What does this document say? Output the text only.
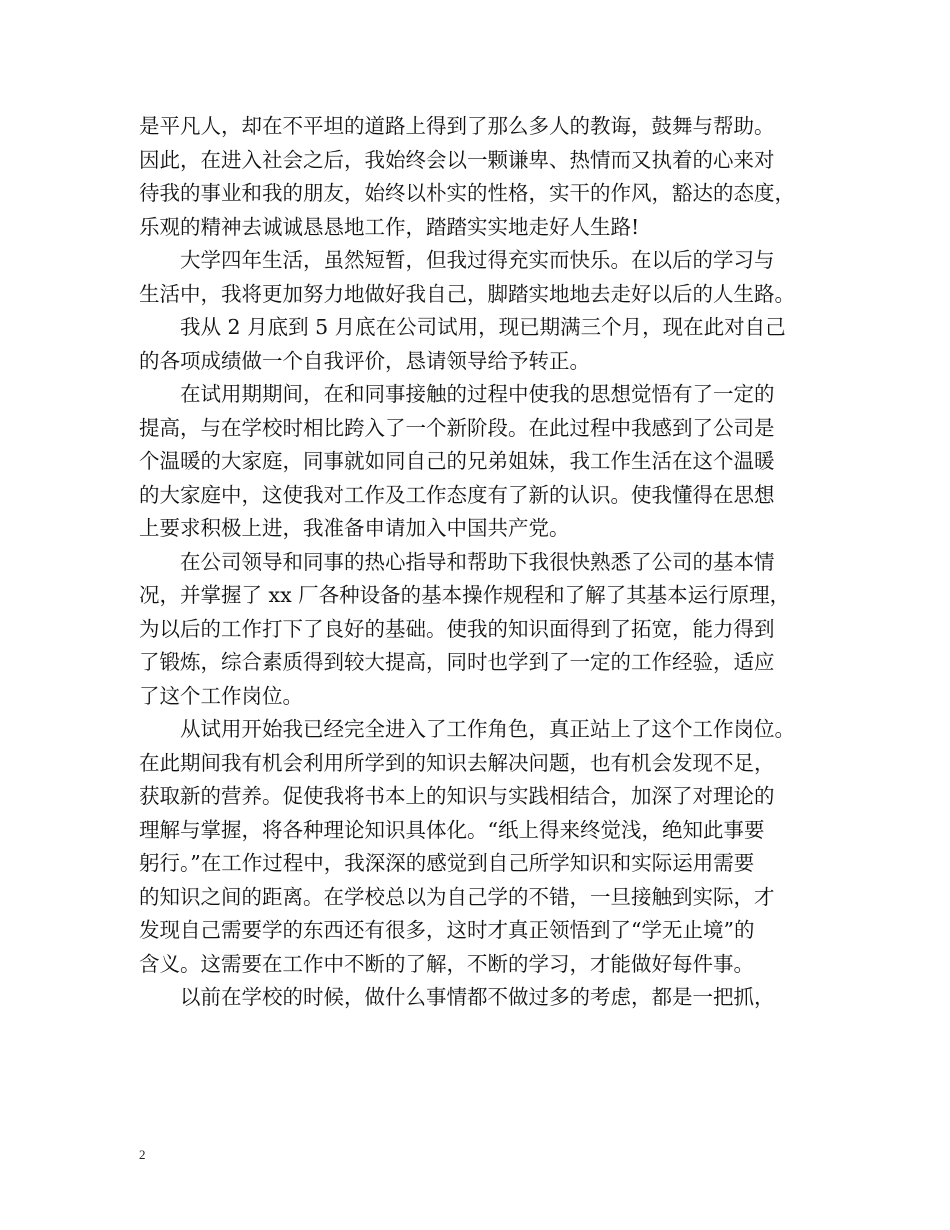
是平凡人，却在不平坦的道路上得到了那么多人的教诲，鼓舞与帮助。
因此，在进入社会之后，我始终会以一颗谦卑、热情而又执着的心来对
待我的事业和我的朋友，始终以朴实的性格，实干的作风，豁达的态度，
乐观的精神去诚诚恳恳地工作，踏踏实实地走好人生路!
　　大学四年生活，虽然短暂，但我过得充实而快乐。在以后的学习与
生活中，我将更加努力地做好我自己，脚踏实地地去走好以后的人生路。
　　我从 2 月底到 5 月底在公司试用，现已期满三个月，现在此对自己
的各项成绩做一个自我评价，恳请领导给予转正。
　　在试用期期间，在和同事接触的过程中使我的思想觉悟有了一定的
提高，与在学校时相比跨入了一个新阶段。在此过程中我感到了公司是
个温暖的大家庭，同事就如同自己的兄弟姐妹，我工作生活在这个温暖
的大家庭中，这使我对工作及工作态度有了新的认识。使我懂得在思想
上要求积极上进，我准备申请加入中国共产党。
　　在公司领导和同事的热心指导和帮助下我很快熟悉了公司的基本情
况，并掌握了 xx 厂各种设备的基本操作规程和了解了其基本运行原理，
为以后的工作打下了良好的基础。使我的知识面得到了拓宽，能力得到
了锻炼，综合素质得到较大提高，同时也学到了一定的工作经验，适应
了这个工作岗位。
　　从试用开始我已经完全进入了工作角色，真正站上了这个工作岗位。
在此期间我有机会利用所学到的知识去解决问题，也有机会发现不足，
获取新的营养。促使我将书本上的知识与实践相结合，加深了对理论的
理解与掌握，将各种理论知识具体化。“纸上得来终觉浅，绝知此事要
躬行。”在工作过程中，我深深的感觉到自己所学知识和实际运用需要
的知识之间的距离。在学校总以为自己学的不错，一旦接触到实际，才
发现自己需要学的东西还有很多，这时才真正领悟到了“学无止境”的
含义。这需要在工作中不断的了解，不断的学习，才能做好每件事。
　　以前在学校的时候，做什么事情都不做过多的考虑，都是一把抓，
2
